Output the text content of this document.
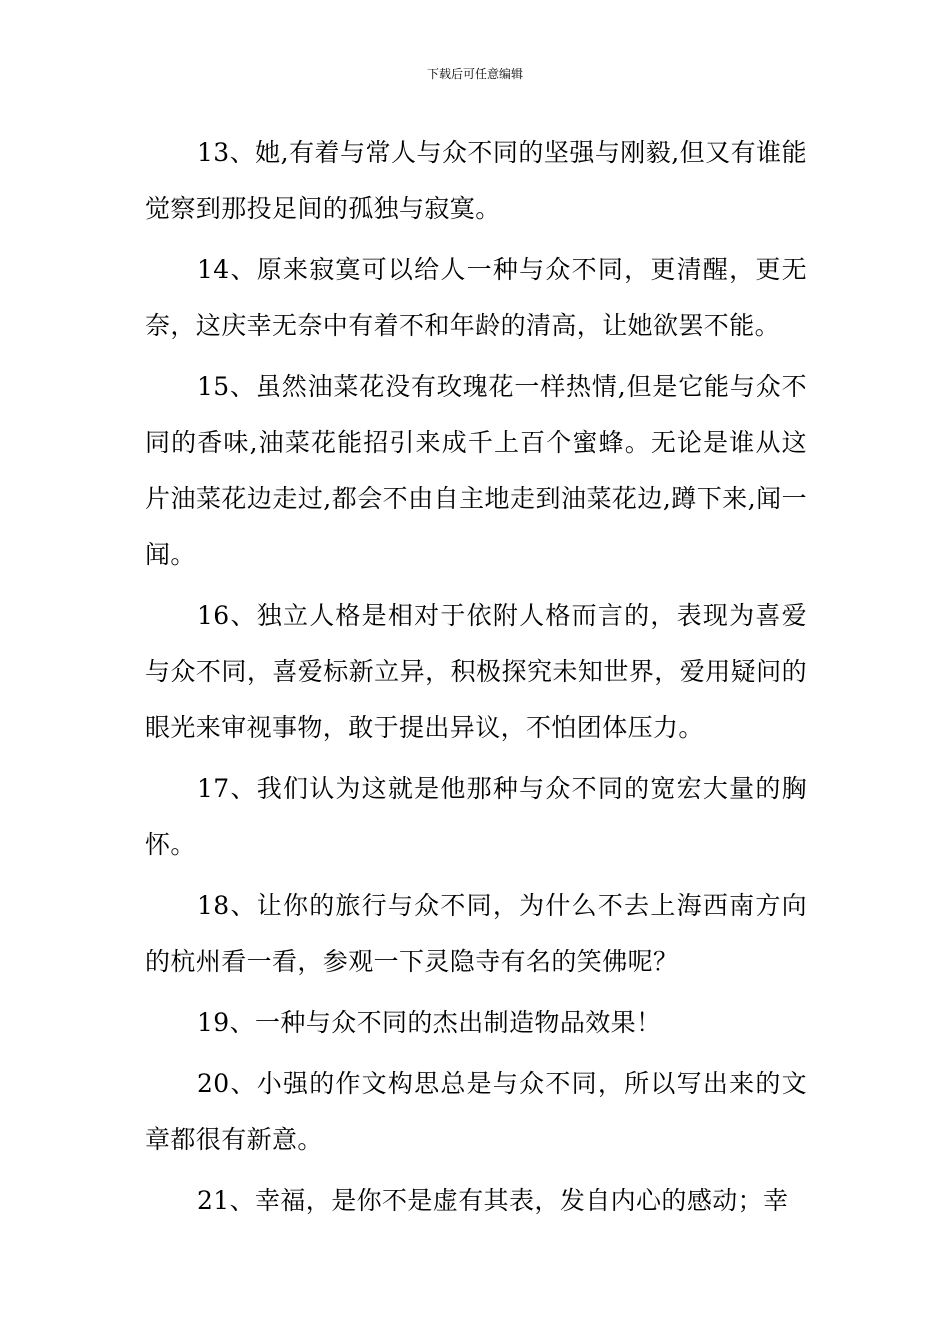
下载后可任意编辑

13、她,有着与常人与众不同的坚强与刚毅,但又有谁能觉察到那投足间的孤独与寂寞。

14、原来寂寞可以给人一种与众不同，更清醒，更无奈，这庆幸无奈中有着不和年龄的清高，让她欲罢不能。

15、虽然油菜花没有玫瑰花一样热情,但是它能与众不同的香味,油菜花能招引来成千上百个蜜蜂。无论是谁从这片油菜花边走过,都会不由自主地走到油菜花边,蹲下来,闻一闻。

16、独立人格是相对于依附人格而言的，表现为喜爱与众不同，喜爱标新立异，积极探究未知世界，爱用疑问的眼光来审视事物，敢于提出异议，不怕团体压力。

17、我们认为这就是他那种与众不同的宽宏大量的胸怀。

18、让你的旅行与众不同，为什么不去上海西南方向的杭州看一看，参观一下灵隐寺有名的笑佛呢？

19、一种与众不同的杰出制造物品效果！

20、小强的作文构思总是与众不同，所以写出来的文章都很有新意。

21、幸福，是你不是虚有其表，发自内心的感动；幸
